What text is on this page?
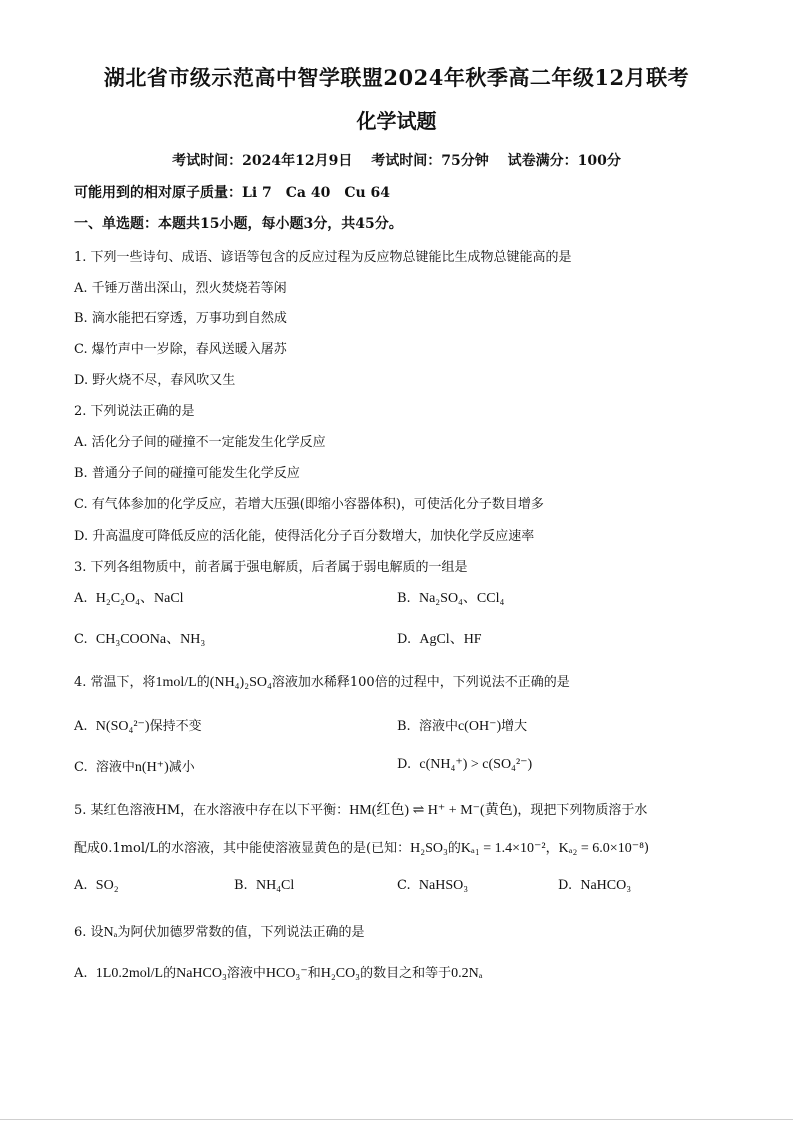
湖北省市级示范高中智学联盟2024年秋季高二年级12月联考
化学试题
考试时间：2024年12月9日 考试时间：75分钟 试卷满分：100分
可能用到的相对原子质量：Li 7　Ca 40　Cu 64
一、单选题：本题共15小题，每小题3分，共45分。
1. 下列一些诗句、成语、谚语等包含的反应过程为反应物总键能比生成物总键能高的是
A. 千锤万凿出深山，烈火焚烧若等闲
B. 滴水能把石穿透，万事功到自然成
C. 爆竹声中一岁除，春风送暖入屠苏
D. 野火烧不尽，春风吹又生
2. 下列说法正确的是
A. 活化分子间的碰撞不一定能发生化学反应
B. 普通分子间的碰撞可能发生化学反应
C. 有气体参加的化学反应，若增大压强(即缩小容器体积)，可使活化分子数目增多
D. 升高温度可降低反应的活化能，使得活化分子百分数增大，加快化学反应速率
3. 下列各组物质中，前者属于强电解质，后者属于弱电解质的一组是
A. H₂C₂O₄、NaCl	B. Na₂SO₄、CCl₄
C. CH₃COONa、NH₃	D. AgCl、HF
4. 常温下，将1mol/L的(NH₄)₂SO₄溶液加水稀释100倍的过程中，下列说法不正确的是
A. N(SO₄²⁻)保持不变	B. 溶液中c(OH⁻)增大
C. 溶液中n(H⁺)减小	D. c(NH₄⁺) > c(SO₄²⁻)
5. 某红色溶液HM，在水溶液中存在以下平衡：HM(红色) ⇌ H⁺ + M⁻(黄色)，现把下列物质溶于水
配成0.1mol/L的水溶液，其中能使溶液显黄色的是(已知：H₂SO₃的Kₐ₁ = 1.4×10⁻²，Kₐ₂ = 6.0×10⁻⁸)
A. SO₂	B. NH₄Cl	C. NaHSO₃	D. NaHCO₃
6. 设Nₐ为阿伏加德罗常数的值，下列说法正确的是
A. 1L0.2mol/L的NaHCO₃溶液中HCO₃⁻和H₂CO₃的数目之和等于0.2Nₐ
